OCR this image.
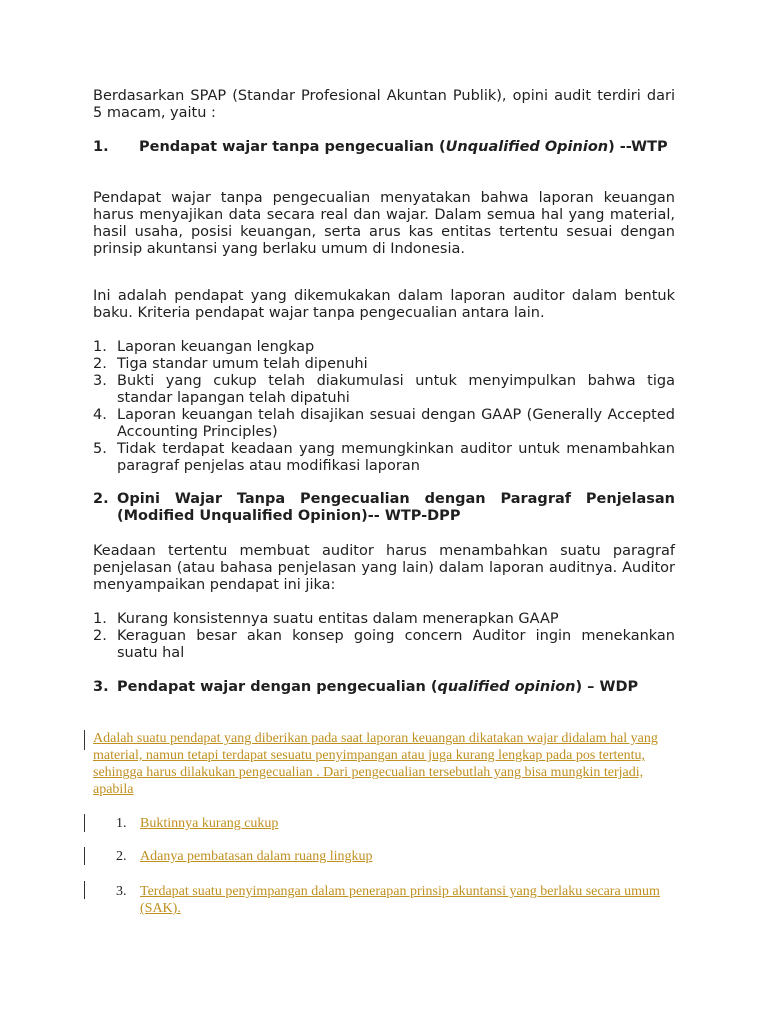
Berdasarkan SPAP (Standar Profesional Akuntan Publik), opini audit terdiri dari 5 macam, yaitu :
1. Pendapat wajar tanpa pengecualian (Unqualified Opinion) --WTP
Pendapat wajar tanpa pengecualian menyatakan bahwa laporan keuangan harus menyajikan data secara real dan wajar. Dalam semua hal yang material, hasil usaha, posisi keuangan, serta arus kas entitas tertentu sesuai dengan prinsip akuntansi yang berlaku umum di Indonesia.
Ini adalah pendapat yang dikemukakan dalam laporan auditor dalam bentuk baku. Kriteria pendapat wajar tanpa pengecualian antara lain.
1. Laporan keuangan lengkap
2. Tiga standar umum telah dipenuhi
3. Bukti yang cukup telah diakumulasi untuk menyimpulkan bahwa tiga standar lapangan telah dipatuhi
4. Laporan keuangan telah disajikan sesuai dengan GAAP (Generally Accepted Accounting Principles)
5. Tidak terdapat keadaan yang memungkinkan auditor untuk menambahkan paragraf penjelas atau modifikasi laporan
2. Opini Wajar Tanpa Pengecualian dengan Paragraf Penjelasan (Modified Unqualified Opinion)-- WTP-DPP
Keadaan tertentu membuat auditor harus menambahkan suatu paragraf penjelasan (atau bahasa penjelasan yang lain) dalam laporan auditnya. Auditor menyampaikan pendapat ini jika:
1. Kurang konsistennya suatu entitas dalam menerapkan GAAP
2. Keraguan besar akan konsep going concern Auditor ingin menekankan suatu hal
3. Pendapat wajar dengan pengecualian (qualified opinion) – WDP
Adalah suatu pendapat yang diberikan pada saat laporan keuangan dikatakan wajar didalam hal yang material, namun tetapi terdapat sesuatu penyimpangan atau juga kurang lengkap pada pos tertentu, sehingga harus dilakukan pengecualian . Dari pengecualian tersebutlah yang bisa mungkin terjadi, apabila
1. Buktinnya kurang cukup
2. Adanya pembatasan dalam ruang lingkup
3. Terdapat suatu penyimpangan dalam penerapan prinsip akuntansi yang berlaku secara umum (SAK).
